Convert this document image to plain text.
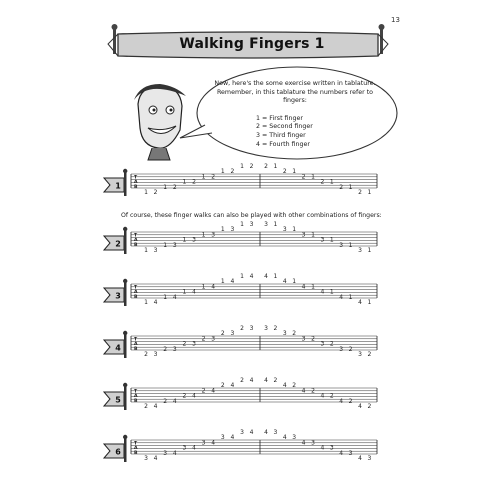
Walking Fingers 1
13
Now, here's the some exercise written in tablature. Remember, in this tablature the numbers refer to fingers:
1 = First finger
2 = Second finger
3 = Third finger
4 = Fourth finger
Of course, these finger walks can also be played with other combinations of fingers:
1
T
A
B
1 2
1 2
1 2
1 2
1 2
1 2 2 1
2 1
2 1
2 1
2 1
2 1
2
T
A
B
1 3
1 3
1 3
1 3
1 3
1 3 3 1
3 1
3 1
3 1
3 1
3 1
3
T
A
B
1 4
1 4
1 4
1 4
1 4
1 4 4 1
4 1
4 1
4 1
4 1
4 1
4
T
A
B
2 3
2 3
2 3
2 3
2 3
2 3 3 2
3 2
3 2
3 2
3 2
3 2
5
T
A
B
2 4
2 4
2 4
2 4
2 4
2 4 4 2
4 2
4 2
4 2
4 2
4 2
6
T
A
B
3 4
3 4
3 4
3 4
3 4
3 4 4 3
4 3
4 3
4 3
4 3
4 3
